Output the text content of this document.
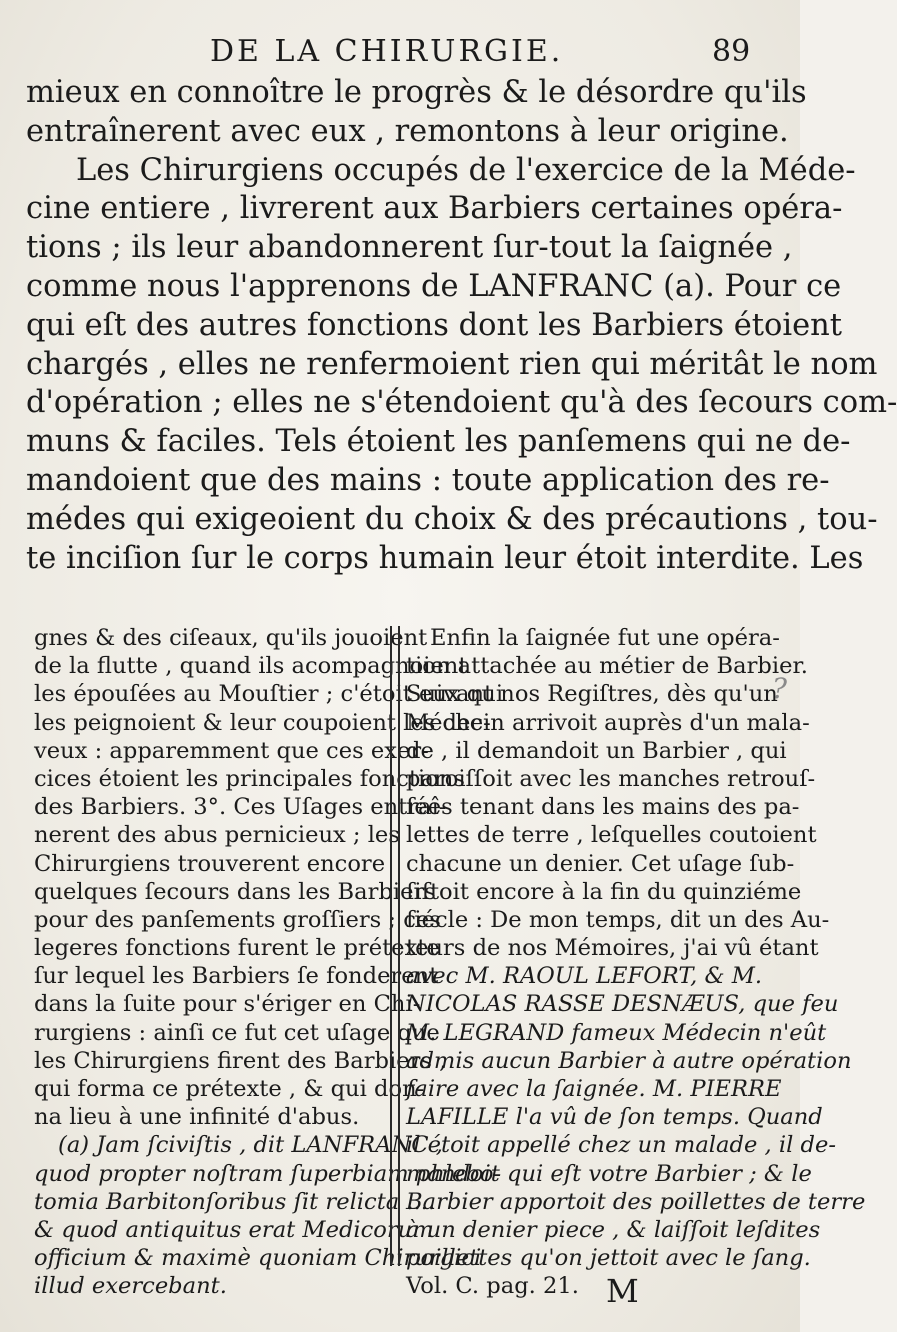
DE LA CHIRURGIE.	89
mieux en connoître le progrès & le désordre qu'ils
entraînerent avec eux , remontons à leur origine.
Les Chirurgiens occupés de l'exercice de la Méde-
cine entiere , livrerent aux Barbiers certaines opéra-
tions ; ils leur abandonnerent ſur-tout la ſaignée ,
comme nous l'apprenons de LANFRANC (a). Pour ce
qui eſt des autres fonctions dont les Barbiers étoient
chargés , elles ne renfermoient rien qui méritât le nom
d'opération ; elles ne s'étendoient qu'à des ſecours com-
muns & faciles. Tels étoient les panſemens qui ne de-
mandoient que des mains : toute application des re-
médes qui exigeoient du choix & des précautions , tou-
te inciſion ſur le corps humain leur étoit interdite. Les
gnes & des ciſeaux, qu'ils jouoient
de la flutte , quand ils acompagnoient
les épouſées au Mouſtier ; c'étoit eux qui
les peignoient & leur coupoient les che-
veux : apparemment que ces exer-
cices étoient les principales fonctions
des Barbiers. 3°. Ces Uſages entraî-
nerent des abus pernicieux ; les
Chirurgiens trouverent encore
quelques ſecours dans les Barbiers
pour des panſements groſſiers ; ces
legeres fonctions furent le prétexte
ſur lequel les Barbiers ſe fonderent
dans la ſuite pour s'ériger en Chi-
rurgiens : ainſi ce fut cet uſage que
les Chirurgiens firent des Barbiers ,
qui forma ce prétexte , & qui don-
na lieu à une infinité d'abus.
(a) Jam ſciviſtis , dit LANFRANC ,
quod propter noſtram ſuperbiam phlebo-
tomia Barbitonſoribus ſit relicta ....
& quod antiquitus erat Medicorum
officium & maximè quoniam Chirurgici
illud exercebant.
Enfin la ſaignée fut une opéra-
tion attachée au métier de Barbier.
Suivant nos Regiſtres, dès qu'un
Médecin arrivoit auprès d'un mala-
de , il demandoit un Barbier , qui
paroiſſoit avec les manches retrouſ-
ſées tenant dans les mains des pa-
lettes de terre , leſquelles coutoient
chacune un denier. Cet uſage ſub-
ſiſtoit encore à la fin du quinziéme
ſiécle : De mon temps, dit un des Au-
teurs de nos Mémoires, j'ai vû étant
avec M. RAOUL LEFORT, & M.
NICOLAS RASSE DESNÆUS, que feu
M. LEGRAND fameux Médecin n'eût
admis aucun Barbier à autre opération
faire avec la ſaignée. M. PIERRE
LAFILLE l'a vû de ſon temps. Quand
il étoit appellé chez un malade , il de-
mandoit qui eſt votre Barbier ; & le
Barbier apportoit des poillettes de terre
à un denier piece , & laiſſoit leſdites
poillettes qu'on jettoit avec le ſang.
Vol. C. pag. 21. M
?
